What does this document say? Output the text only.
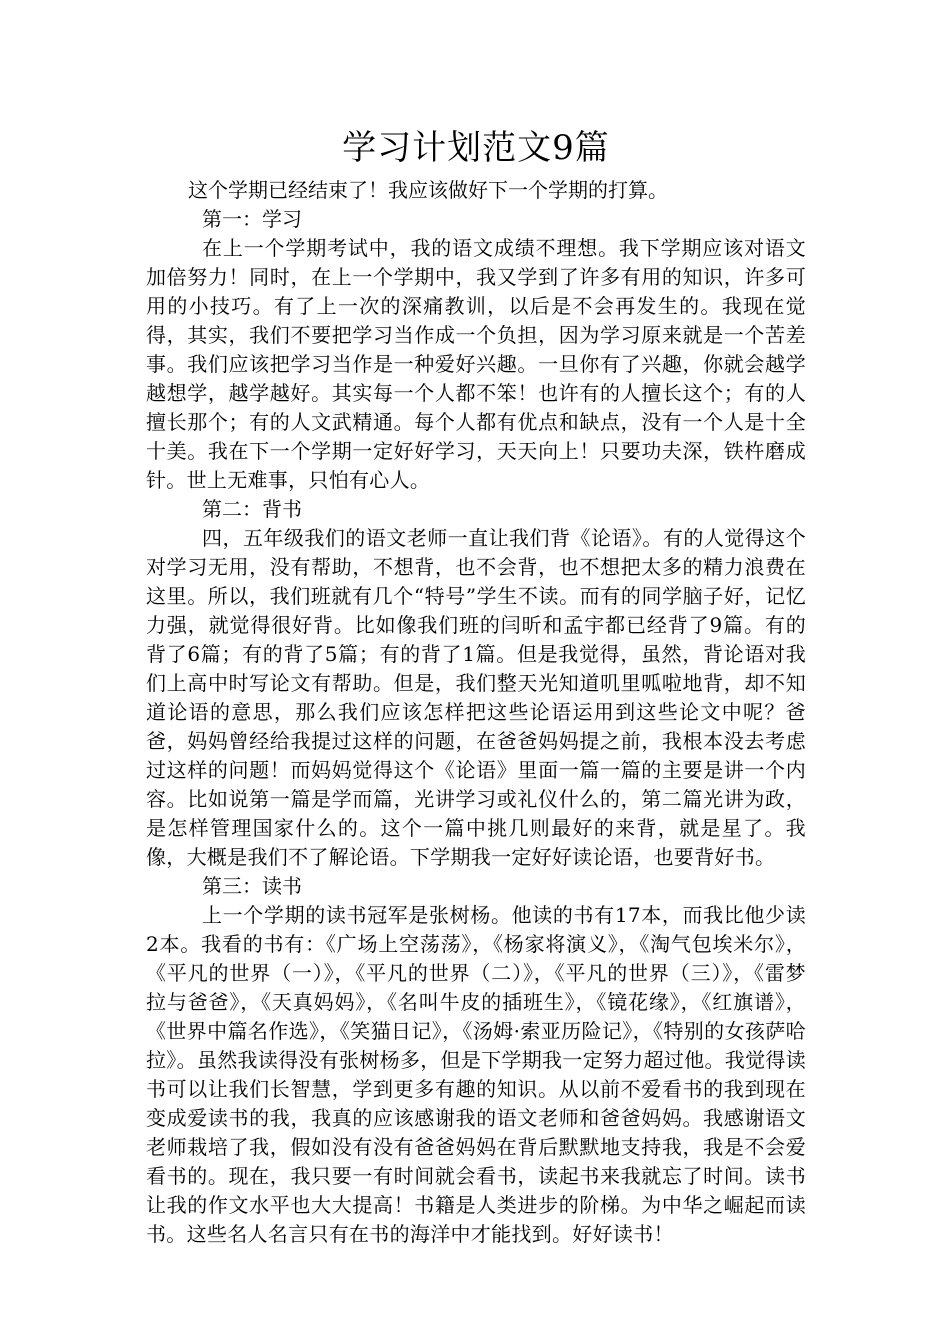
学习计划范文9篇

这个学期已经结束了！我应该做好下一个学期的打算。

第一：学习

在上一个学期考试中，我的语文成绩不理想。我下学期应该对语文加倍努力！同时，在上一个学期中，我又学到了许多有用的知识，许多可用的小技巧。有了上一次的深痛教训，以后是不会再发生的。我现在觉得，其实，我们不要把学习当作成一个负担，因为学习原来就是一个苦差事。我们应该把学习当作是一种爱好兴趣。一旦你有了兴趣，你就会越学越想学，越学越好。其实每一个人都不笨！也许有的人擅长这个；有的人擅长那个；有的人文武精通。每个人都有优点和缺点，没有一个人是十全十美。我在下一个学期一定好好学习，天天向上！只要功夫深，铁杵磨成针。世上无难事，只怕有心人。

第二：背书

四，五年级我们的语文老师一直让我们背《论语》。有的人觉得这个对学习无用，没有帮助，不想背，也不会背，也不想把太多的精力浪费在这里。所以，我们班就有几个“特号”学生不读。而有的同学脑子好，记忆力强，就觉得很好背。比如像我们班的闫昕和孟宇都已经背了9篇。有的背了6篇；有的背了5篇；有的背了1篇。但是我觉得，虽然，背论语对我们上高中时写论文有帮助。但是，我们整天光知道叽里呱啦地背，却不知道论语的意思，那么我们应该怎样把这些论语运用到这些论文中呢？爸爸，妈妈曾经给我提过这样的问题，在爸爸妈妈提之前，我根本没去考虑过这样的问题！而妈妈觉得这个《论语》里面一篇一篇的主要是讲一个内容。比如说第一篇是学而篇，光讲学习或礼仪什么的，第二篇光讲为政，是怎样管理国家什么的。这个一篇中挑几则最好的来背，就是星了。我像，大概是我们不了解论语。下学期我一定好好读论语，也要背好书。

第三：读书

上一个学期的读书冠军是张树杨。他读的书有17本，而我比他少读2本。我看的书有：《广场上空荡荡》，《杨家将演义》，《淘气包埃米尔》，《平凡的世界（一）》，《平凡的世界（二）》，《平凡的世界（三）》，《雷梦拉与爸爸》，《天真妈妈》，《名叫牛皮的插班生》，《镜花缘》，《红旗谱》，《世界中篇名作选》，《笑猫日记》，《汤姆·索亚历险记》，《特别的女孩萨哈拉》。虽然我读得没有张树杨多，但是下学期我一定努力超过他。我觉得读书可以让我们长智慧，学到更多有趣的知识。从以前不爱看书的我到现在变成爱读书的我，我真的应该感谢我的语文老师和爸爸妈妈。我感谢语文老师栽培了我，假如没有没有爸爸妈妈在背后默默地支持我，我是不会爱看书的。现在，我只要一有时间就会看书，读起书来我就忘了时间。读书让我的作文水平也大大提高！书籍是人类进步的阶梯。为中华之崛起而读书。这些名人名言只有在书的海洋中才能找到。好好读书！
